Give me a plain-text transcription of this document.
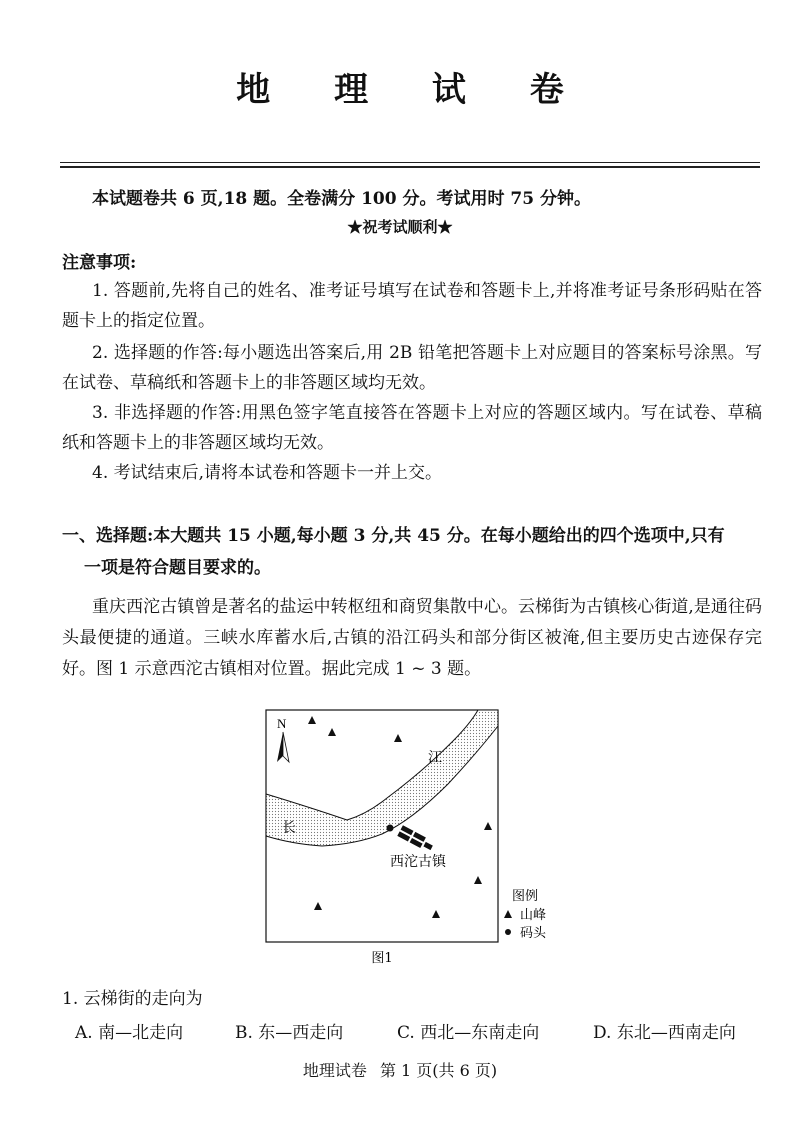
地 理 试 卷
本试题卷共 6 页,18 题。全卷满分 100 分。考试用时 75 分钟。
★祝考试顺利★
注意事项:
1. 答题前,先将自己的姓名、准考证号填写在试卷和答题卡上,并将准考证号条形码贴在答题卡上的指定位置。
2. 选择题的作答:每小题选出答案后,用 2B 铅笔把答题卡上对应题目的答案标号涂黑。写在试卷、草稿纸和答题卡上的非答题区域均无效。
3. 非选择题的作答:用黑色签字笔直接答在答题卡上对应的答题区域内。写在试卷、草稿纸和答题卡上的非答题区域均无效。
4. 考试结束后,请将本试卷和答题卡一并上交。
一、选择题:本大题共 15 小题,每小题 3 分,共 45 分。在每小题给出的四个选项中,只有
一项是符合题目要求的。
重庆西沱古镇曾是著名的盐运中转枢纽和商贸集散中心。云梯街为古镇核心街道,是通往码头最便捷的通道。三峡水库蓄水后,古镇的沿江码头和部分街区被淹,但主要历史古迹保存完好。图 1 示意西沱古镇相对位置。据此完成 1 ~ 3 题。
N
江
长
西沱古镇
图例
山峰
码头
图1
1. 云梯街的走向为
A. 南—北走向	B. 东—西走向	C. 西北—东南走向	D. 东北—西南走向
地理试卷 第 1 页(共 6 页)
